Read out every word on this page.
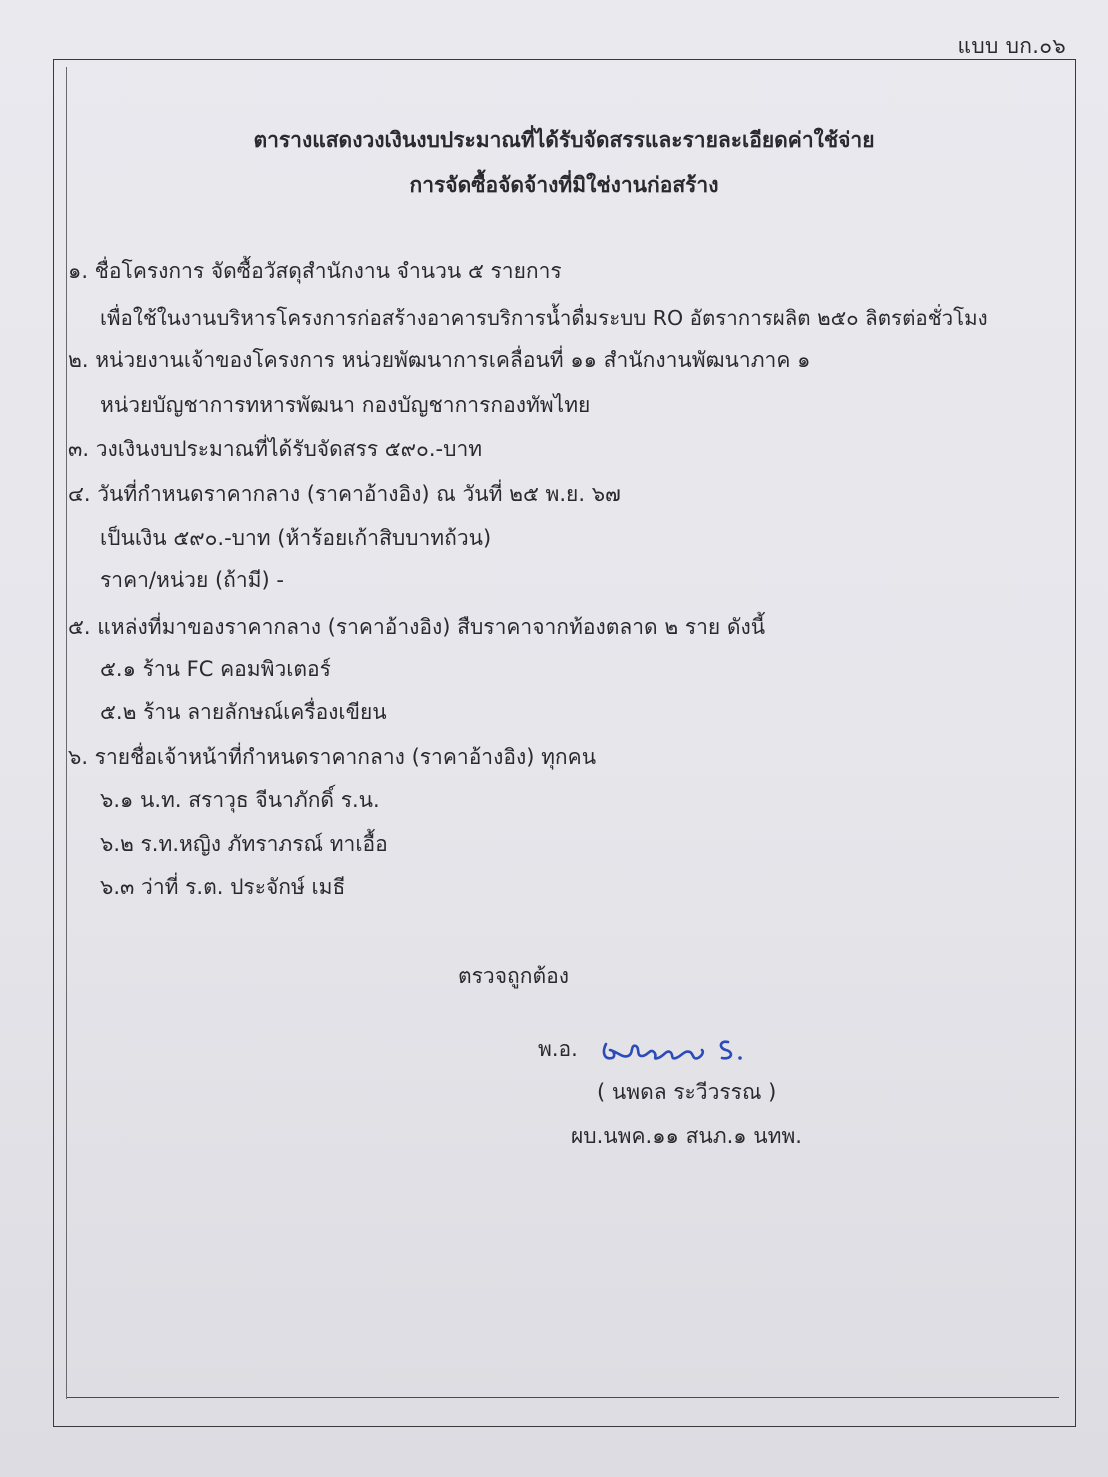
แบบ บก.๐๖
ตารางแสดงวงเงินงบประมาณที่ได้รับจัดสรรและรายละเอียดค่าใช้จ่าย
การจัดซื้อจัดจ้างที่มิใช่งานก่อสร้าง
๑. ชื่อโครงการ จัดซื้อวัสดุสำนักงาน จำนวน ๕ รายการ
เพื่อใช้ในงานบริหารโครงการก่อสร้างอาคารบริการน้ำดื่มระบบ RO อัตราการผลิต ๒๕๐ ลิตรต่อชั่วโมง
๒. หน่วยงานเจ้าของโครงการ หน่วยพัฒนาการเคลื่อนที่ ๑๑ สำนักงานพัฒนาภาค ๑
หน่วยบัญชาการทหารพัฒนา กองบัญชาการกองทัพไทย
๓. วงเงินงบประมาณที่ได้รับจัดสรร ๕๙๐.-บาท
๔. วันที่กำหนดราคากลาง (ราคาอ้างอิง) ณ วันที่ ๒๕ พ.ย. ๖๗
เป็นเงิน ๕๙๐.-บาท (ห้าร้อยเก้าสิบบาทถ้วน)
ราคา/หน่วย (ถ้ามี) -
๕. แหล่งที่มาของราคากลาง (ราคาอ้างอิง) สืบราคาจากท้องตลาด ๒ ราย ดังนี้
๕.๑ ร้าน FC คอมพิวเตอร์
๕.๒ ร้าน ลายลักษณ์เครื่องเขียน
๖. รายชื่อเจ้าหน้าที่กำหนดราคากลาง (ราคาอ้างอิง) ทุกคน
๖.๑ น.ท. สราวุธ จีนาภักดิ์ ร.น.
๖.๒ ร.ท.หญิง ภัทราภรณ์ ทาเอื้อ
๖.๓ ว่าที่ ร.ต. ประจักษ์ เมธี
ตรวจถูกต้อง
พ.อ.
( นพดล ระวีวรรณ )
ผบ.นพค.๑๑ สนภ.๑ นทพ.
